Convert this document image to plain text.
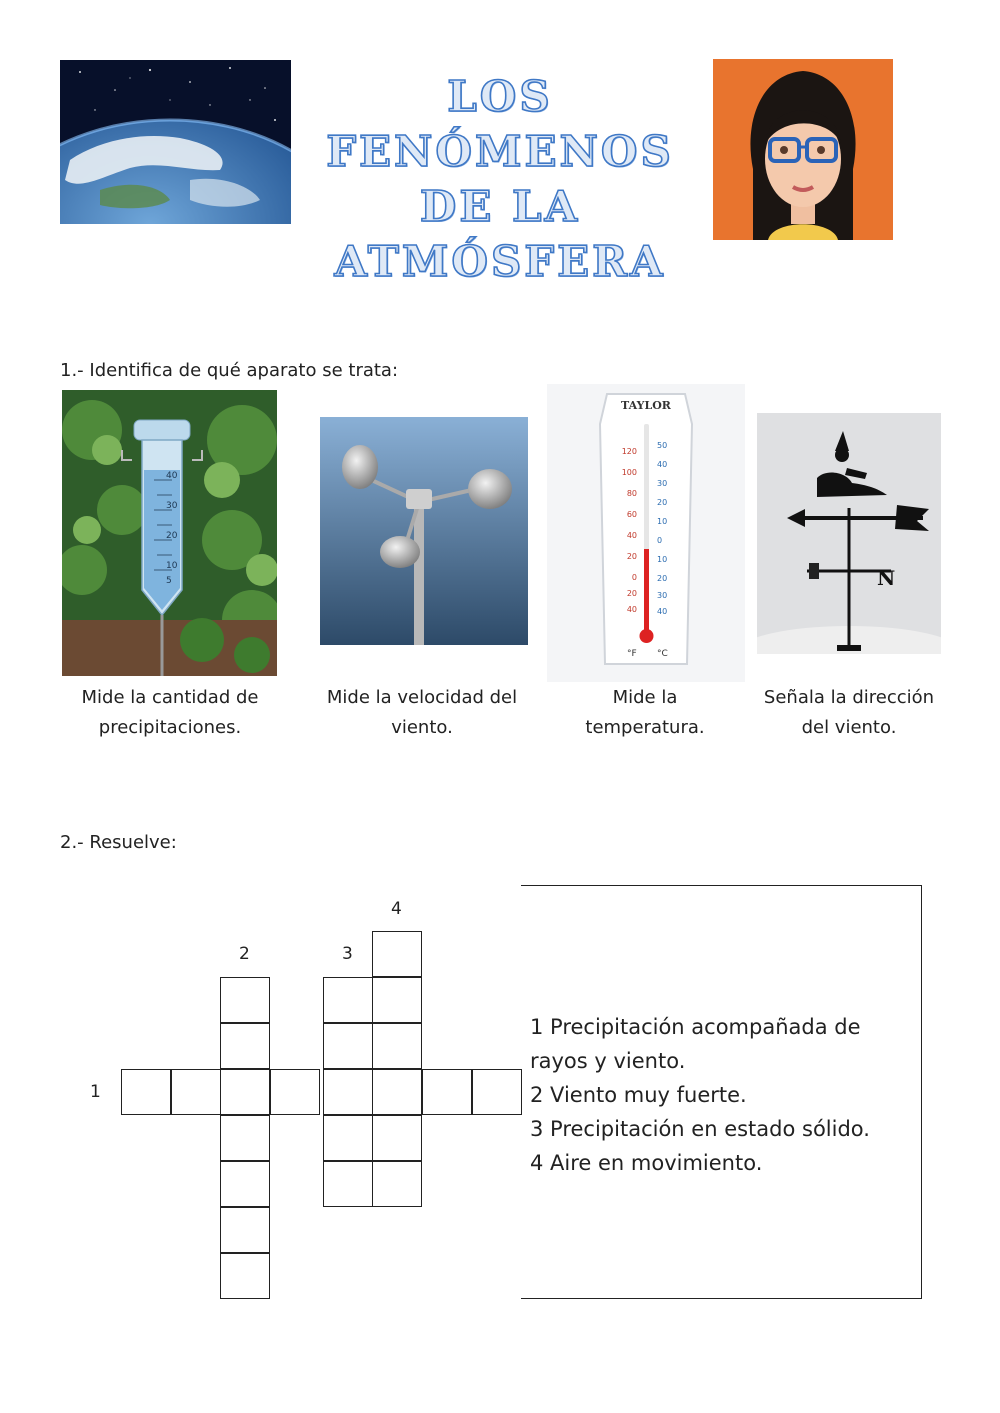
LOS
FENÓMENOS
DE LA
ATMÓSFERA
1.- Identifica de qué aparato se trata:
40
30
20
10
5
TAYLOR
120
100
80
60
40
20
0
20
40
50
40
30
20
10
0
10
20
30
40
°F °C
N
Mide la cantidad de
precipitaciones.
Mide la velocidad del
viento.
Mide la
temperatura.
Señala la dirección
del viento.
2.- Resuelve:
1
2	3
4
1 Precipitación acompañada de
rayos y viento.
2 Viento muy fuerte.
3 Precipitación en estado sólido.
4 Aire en movimiento.
